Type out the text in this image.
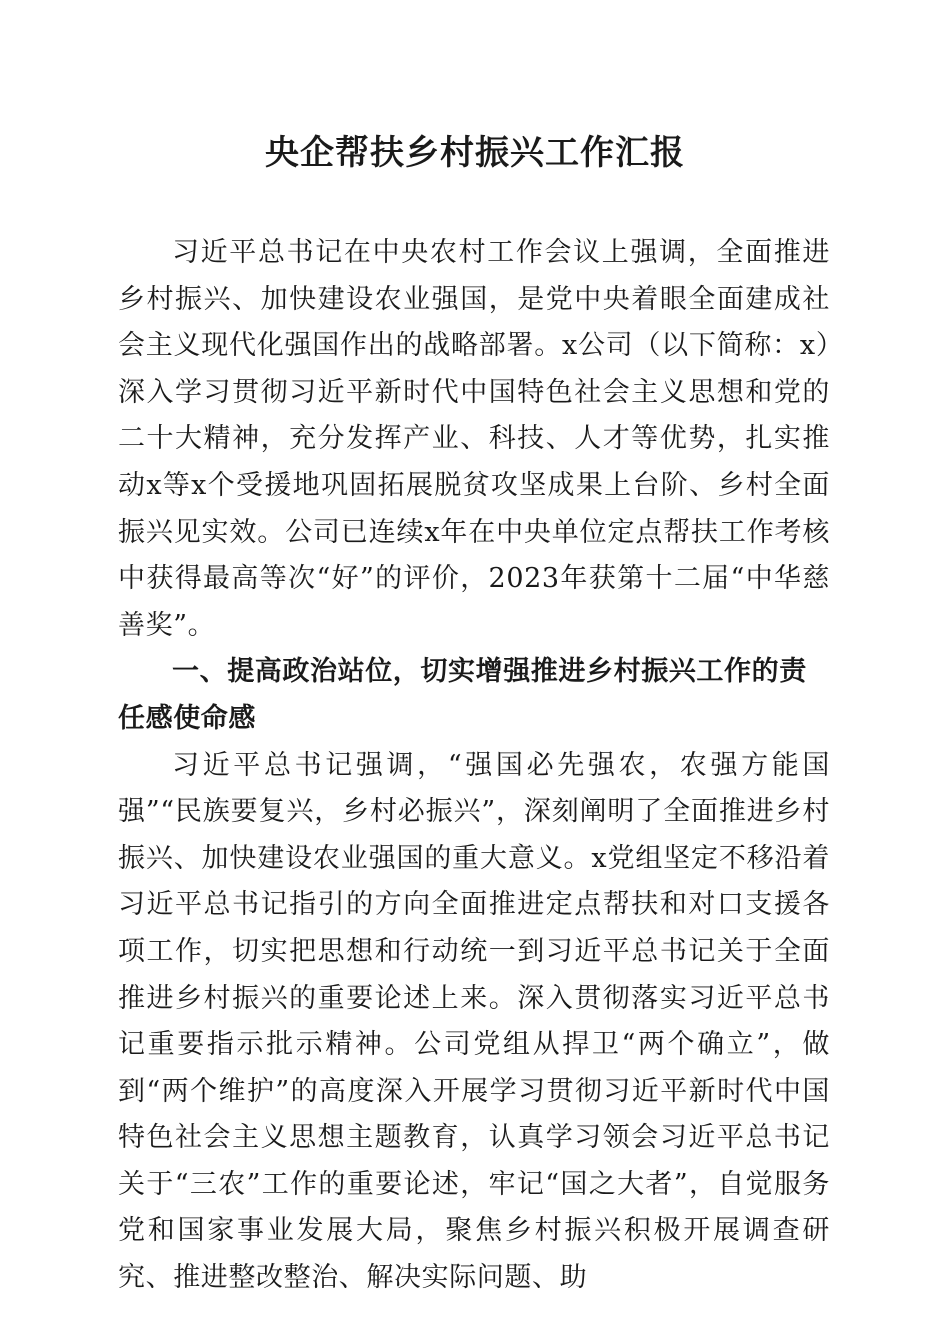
央企帮扶乡村振兴工作汇报

习近平总书记在中央农村工作会议上强调，全面推进乡村振兴、加快建设农业强国，是党中央着眼全面建成社会主义现代化强国作出的战略部署。x公司（以下简称：x）深入学习贯彻习近平新时代中国特色社会主义思想和党的二十大精神，充分发挥产业、科技、人才等优势，扎实推动x等x个受援地巩固拓展脱贫攻坚成果上台阶、乡村全面振兴见实效。公司已连续x年在中央单位定点帮扶工作考核中获得最高等次“好”的评价，2023年获第十二届“中华慈善奖”。

一、提高政治站位，切实增强推进乡村振兴工作的责任感使命感

习近平总书记强调，“强国必先强农，农强方能国强”“民族要复兴，乡村必振兴”，深刻阐明了全面推进乡村振兴、加快建设农业强国的重大意义。x党组坚定不移沿着习近平总书记指引的方向全面推进定点帮扶和对口支援各项工作，切实把思想和行动统一到习近平总书记关于全面推进乡村振兴的重要论述上来。深入贯彻落实习近平总书记重要指示批示精神。公司党组从捍卫“两个确立”，做到“两个维护”的高度深入开展学习贯彻习近平新时代中国特色社会主义思想主题教育，认真学习领会习近平总书记关于“三农”工作的重要论述，牢记“国之大者”，自觉服务党和国家事业发展大局，聚焦乡村振兴积极开展调查研究、推进整改整治、解决实际问题、助
